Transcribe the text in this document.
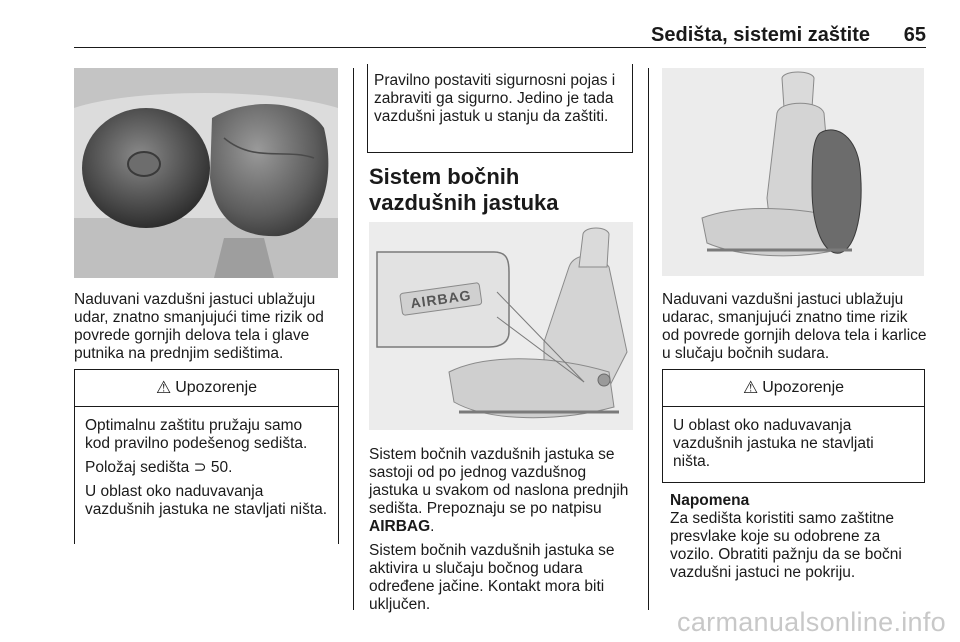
Sedišta, sistemi zaštite 65

Naduvani vazdušni jastuci ublažuju udar, znatno smanjujući time rizik od povrede gornjih delova tela i glave putnika na prednjim sedištima.

⚠ Upozorenje

Optimalnu zaštitu pružaju samo kod pravilno podešenog sedišta.

Položaj sedišta ⊃ 50.

U oblast oko naduvavanja vazdušnih jastuka ne stavljati ništa.

Pravilno postaviti sigurnosni pojas i zabraviti ga sigurno. Jedino je tada vazdušni jastuk u stanju da zaštiti.

Sistem bočnih vazdušnih jastuka
AIRBAG

Sistem bočnih vazdušnih jastuka se sastoji od po jednog vazdušnog jastuka u svakom od naslona prednjih sedišta. Prepoznaju se po natpisu AIRBAG.

Sistem bočnih vazdušnih jastuka se aktivira u slučaju bočnog udara određene jačine. Kontakt mora biti uključen.

Naduvani vazdušni jastuci ublažuju udarac, smanjujući znatno time rizik od povrede gornjih delova tela i karlice u slučaju bočnih sudara.

⚠ Upozorenje

U oblast oko naduvavanja vazdušnih jastuka ne stavljati ništa.

Napomena
Za sedišta koristiti samo zaštitne presvlake koje su odobrene za vozilo. Obratiti pažnju da se bočni vazdušni jastuci ne pokriju.
carmanualsonline.info
